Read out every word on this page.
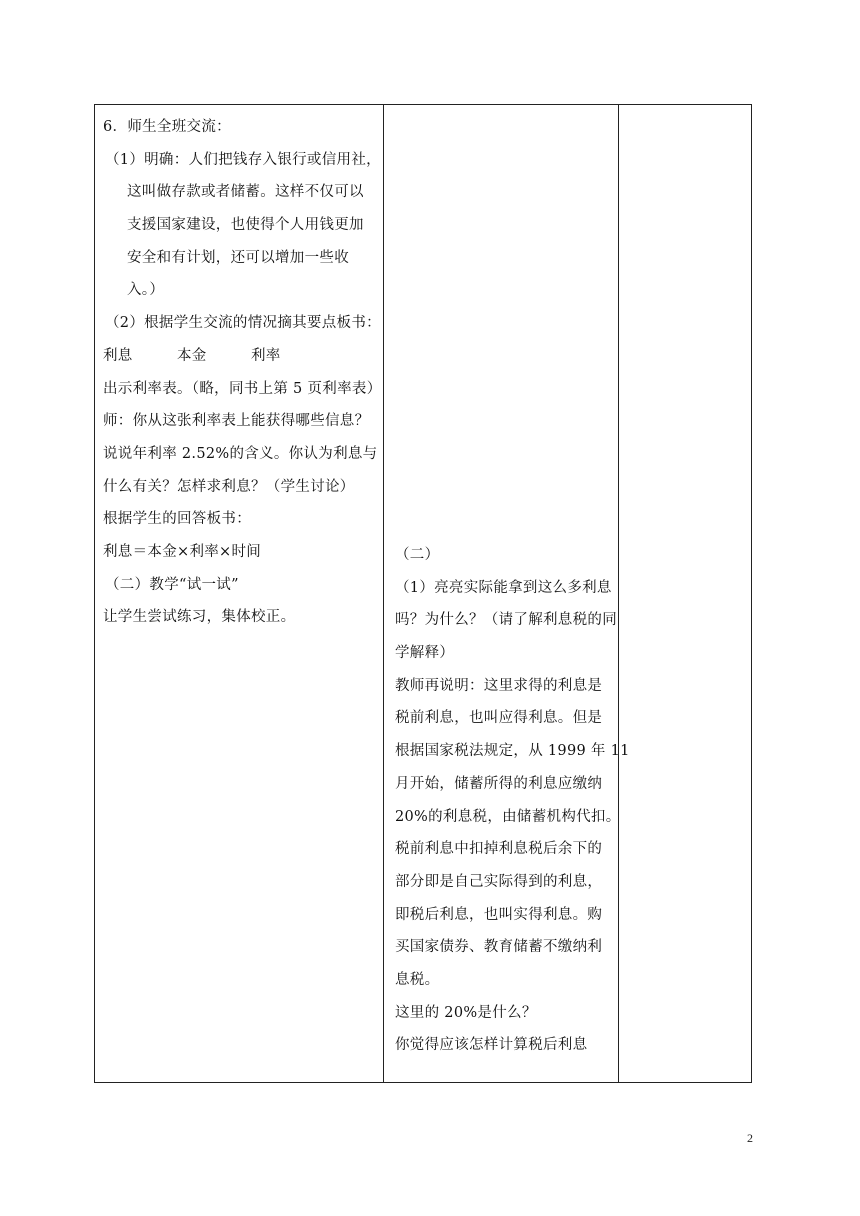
6．师生全班交流：
（1）明确：人们把钱存入银行或信用社，
这叫做存款或者储蓄。这样不仅可以
支援国家建设，也使得个人用钱更加
安全和有计划，还可以增加一些收
入。）
（2）根据学生交流的情况摘其要点板书：
利息　　　本金　　　利率
出示利率表。（略，同书上第 5 页利率表）
师：你从这张利率表上能获得哪些信息？
说说年利率 2.52%的含义。你认为利息与
什么有关？怎样求利息？（学生讨论）
根据学生的回答板书：
利息＝本金×利率×时间
（二）教学“试一试”
让学生尝试练习，集体校正。
（二）
（1）亮亮实际能拿到这么多利息
吗？为什么？（请了解利息税的同
学解释）
教师再说明：这里求得的利息是
税前利息，也叫应得利息。但是
根据国家税法规定，从 1999 年 11
月开始，储蓄所得的利息应缴纳
20%的利息税，由储蓄机构代扣。
税前利息中扣掉利息税后余下的
部分即是自己实际得到的利息，
即税后利息，也叫实得利息。购
买国家债券、教育储蓄不缴纳利
息税。
这里的 20%是什么？
你觉得应该怎样计算税后利息
2
